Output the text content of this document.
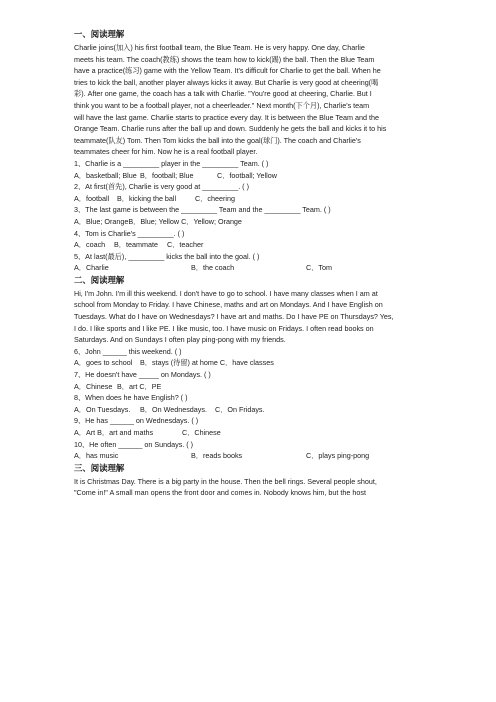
一、阅读理解
Charlie joins(加入) his first football team, the Blue Team. He is very happy. One day, Charlie
meets his team. The coach(教练) shows the team how to kick(踢) the ball. Then the Blue Team
have a practice(练习) game with the Yellow Team. It's difficult for Charlie to get the ball. When he
tries to kick the ball, another player always kicks it away. But Charlie is very good at cheering(喝
彩). After one game, the coach has a talk with Charlie. "You're good at cheering, Charlie. But I
think you want to be a football player, not a cheerleader." Next month(下个月), Charlie's team
will have the last game. Charlie starts to practice every day. It is between the Blue Team and the
Orange Team. Charlie runs after the ball up and down. Suddenly he gets the ball and kicks it to his
teammate(队友) Tom. Then Tom kicks the ball into the goal(球门). The coach and Charlie's
teammates cheer for him. Now he is a real football player.
1、Charlie is a _________ player in the _________ Team. ( )
A．basketball; Blue B．football; Blue	C．football; Yellow
2、At first(首先), Charlie is very good at _________. ( )
A．football	B．kicking the ball	C．cheering
3、The last game is between the _________ Team and the _________ Team. ( )
A．Blue; OrangeB．Blue; Yellow C．Yellow; Orange
4、Tom is Charlie's _________. ( )
A．coach	B．teammate	C．teacher
5、At last(最后), _________ kicks the ball into the goal. ( )
A．Charlie	B．the coach	C．Tom
二、阅读理解
Hi, I'm John. I'm ill this weekend. I don't have to go to school. I have many classes when I am at
school from Monday to Friday. I have Chinese, maths and art on Mondays. And I have English on
Tuesdays. What do I have on Wednesdays? I have art and maths. Do I have PE on Thursdays? Yes,
I do. I like sports and I like PE. I like music, too. I have music on Fridays. I often read books on
Saturdays. And on Sundays I often play ping-pong with my friends.
6、John ______ this weekend. ( )
A．goes to school	B．stays (待留) at home C．have classes
7、He doesn't have _____ on Mondays. ( )
A．Chinese B．art C．PE
8、When does he have English? ( )
A．On Tuesdays.	B．On Wednesdays.	C．On Fridays.
9、He has ______ on Wednesdays. ( )
A．Art B．art and maths	C．Chinese
10、He often ______ on Sundays. ( )
A．has music	B．reads books	C．plays ping-pong
三、阅读理解
It is Christmas Day. There is a big party in the house. Then the bell rings. Several people shout,
"Come in!" A small man opens the front door and comes in. Nobody knows him, but the host
